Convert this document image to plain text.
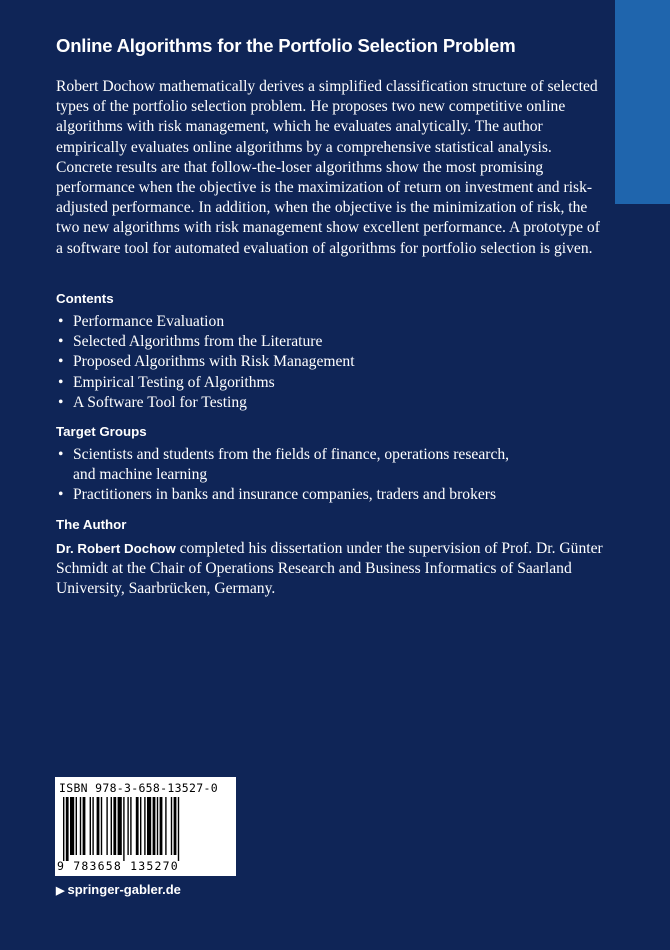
Online Algorithms for the Portfolio Selection Problem

Robert Dochow mathematically derives a simplified classification structure of selected types of the portfolio selection problem. He proposes two new competitive online algorithms with risk management, which he evaluates analytically. The author empirically evaluates online algorithms by a comprehensive statistical analysis. Concrete results are that follow-the-loser algorithms show the most promising performance when the objective is the maximization of return on investment and risk-adjusted performance. In addition, when the objective is the minimization of risk, the two new algorithms with risk management show excellent performance. A prototype of a software tool for automated evaluation of algorithms for portfolio selection is given.

Contents
• Performance Evaluation
• Selected Algorithms from the Literature
• Proposed Algorithms with Risk Management
• Empirical Testing of Algorithms
• A Software Tool for Testing
Target Groups
• Scientists and students from the fields of finance, operations research, and machine learning
• Practitioners in banks and insurance companies, traders and brokers
The Author
Dr. Robert Dochow completed his dissertation under the supervision of Prof. Dr. Günter Schmidt at the Chair of Operations Research and Business Informatics of Saarland University, Saarbrücken, Germany.
ISBN 978-3-658-13527-0
9 783658 135270
▶ springer-gabler.de
